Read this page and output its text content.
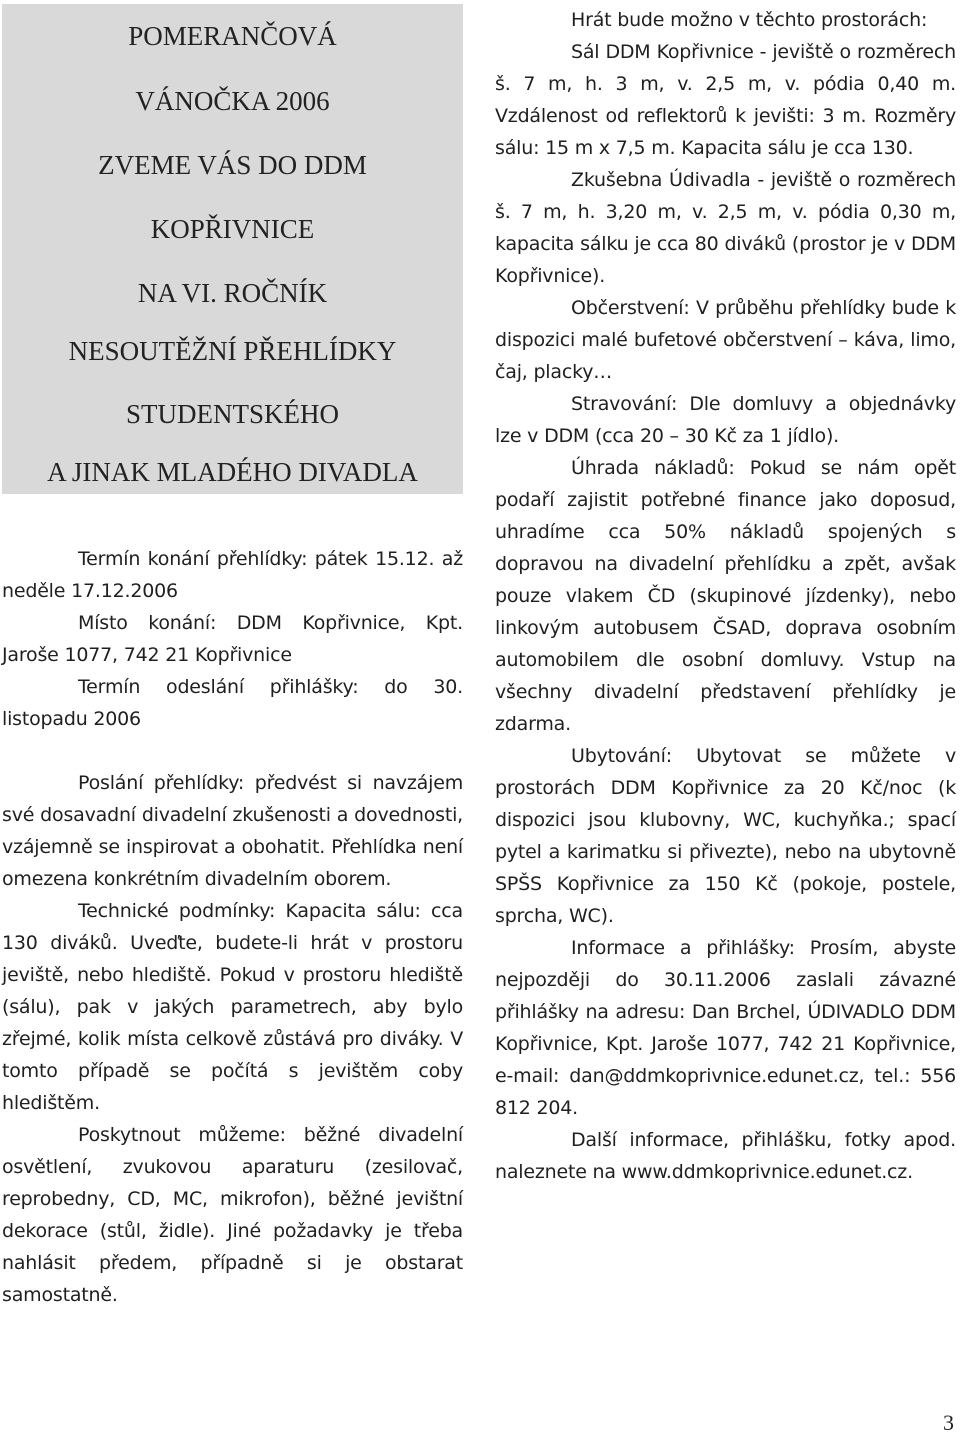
POMERANČOVÁ
VÁNOČKA 2006
ZVEME VÁS DO DDM
KOPŘIVNICE
NA VI. ROČNÍK
NESOUTĚŽNÍ PŘEHLÍDKY
STUDENTSKÉHO
A JINAK MLADÉHO DIVADLA

Termín konání přehlídky: pátek 15.12. až neděle 17.12.2006

Místo konání: DDM Kopřivnice, Kpt. Jaroše 1077, 742 21 Kopřivnice

Termín odeslání přihlášky: do 30. listopadu 2006

Poslání přehlídky: předvést si navzájem své dosavadní divadelní zkušenosti a dovednosti, vzájemně se inspirovat a obohatit. Přehlídka není omezena konkrétním divadelním oborem.

Technické podmínky: Kapacita sálu: cca 130 diváků. Uveďte, budete-li hrát v prostoru jeviště, nebo hlediště. Pokud v prostoru hlediště (sálu), pak v jakých parametrech, aby bylo zřejmé, kolik místa celkově zůstává pro diváky. V tomto případě se počítá s jevištěm coby hledištěm.

Poskytnout můžeme: běžné divadelní osvětlení, zvukovou aparaturu (zesilovač, reprobedny, CD, MC, mikrofon), běžné jevištní dekorace (stůl, židle). Jiné požadavky je třeba nahlásit předem, případně si je obstarat samostatně.

Hrát bude možno v těchto prostorách:

Sál DDM Kopřivnice - jeviště o rozměrech š. 7 m, h. 3 m, v. 2,5 m, v. pódia 0,40 m. Vzdálenost od reflektorů k jevišti: 3 m. Rozměry sálu: 15 m x 7,5 m. Kapacita sálu je cca 130.

Zkušebna Údivadla - jeviště o rozměrech š. 7 m, h. 3,20 m, v. 2,5 m, v. pódia 0,30 m, kapacita sálku je cca 80 diváků (prostor je v DDM Kopřivnice).

Občerstvení: V průběhu přehlídky bude k dispozici malé bufetové občerstvení – káva, limo, čaj, placky…

Stravování: Dle domluvy a objednávky lze v DDM (cca 20 – 30 Kč za 1 jídlo).

Úhrada nákladů: Pokud se nám opět podaří zajistit potřebné finance jako doposud, uhradíme cca 50% nákladů spojených s dopravou na divadelní přehlídku a zpět, avšak pouze vlakem ČD (skupinové jízdenky), nebo linkovým autobusem ČSAD, doprava osobním automobilem dle osobní domluvy. Vstup na všechny divadelní představení přehlídky je zdarma.

Ubytování: Ubytovat se můžete v prostorách DDM Kopřivnice za 20 Kč/noc (k dispozici jsou klubovny, WC, kuchyňka.; spací pytel a karimatku si přivezte), nebo na ubytovně SPŠS Kopřivnice za 150 Kč (pokoje, postele, sprcha, WC).

Informace a přihlášky: Prosím, abyste nejpozději do 30.11.2006 zaslali závazné přihlášky na adresu: Dan Brchel, ÚDIVADLO DDM Kopřivnice, Kpt. Jaroše 1077, 742 21 Kopřivnice, e-mail: dan@ddmkoprivnice.edunet.cz, tel.: 556 812 204.

Další informace, přihlášku, fotky apod. naleznete na www.ddmkoprivnice.edunet.cz.

3
